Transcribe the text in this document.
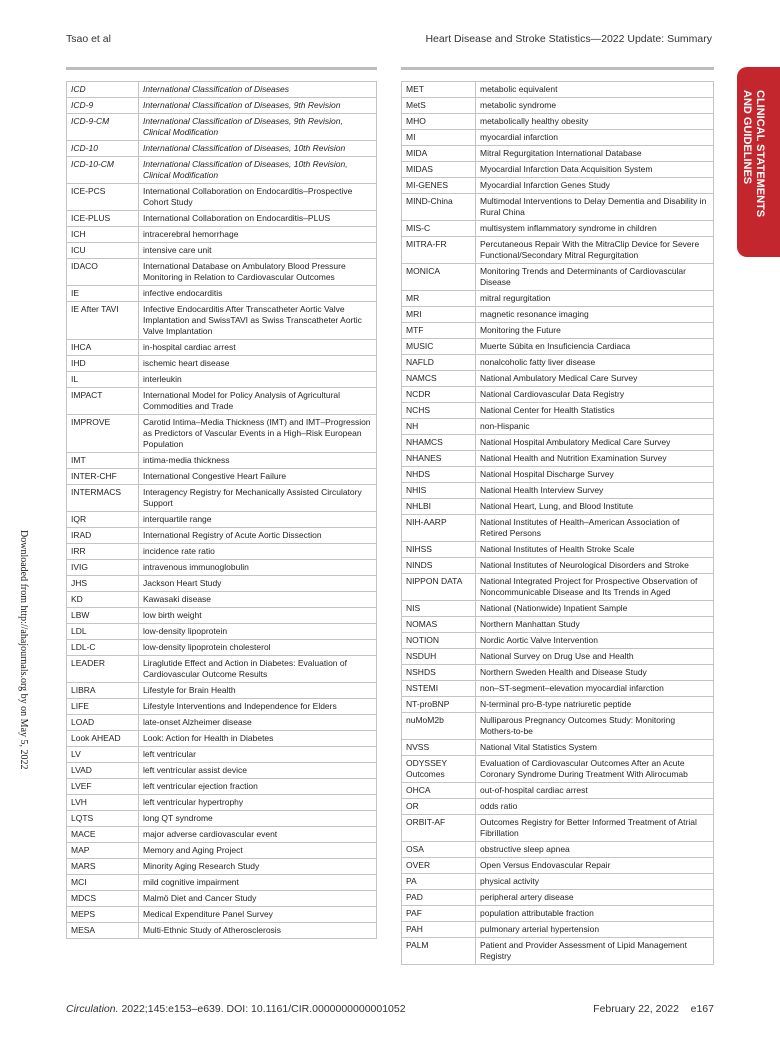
Tsao et al	Heart Disease and Stroke Statistics—2022 Update: Summary
Downloaded from http://ahajournals.org by on May 5, 2022
CLINICAL STATEMENTS
AND GUIDELINES
ICD	International Classification of Diseases
ICD-9	International Classification of Diseases, 9th Revision
ICD-9-CM	International Classification of Diseases, 9th Revision, Clinical Modification
ICD-10	International Classification of Diseases, 10th Revision
ICD-10-CM	International Classification of Diseases, 10th Revision, Clinical Modification
ICE-PCS	International Collaboration on Endocarditis–Prospective Cohort Study
ICE-PLUS	International Collaboration on Endocarditis–PLUS
ICH	intracerebral hemorrhage
ICU	intensive care unit
IDACO	International Database on Ambulatory Blood Pressure Monitoring in Relation to Cardiovascular Outcomes
IE	infective endocarditis
IE After TAVI	Infective Endocarditis After Transcatheter Aortic Valve Implantation and SwissTAVI as Swiss Transcatheter Aortic Valve Implantation
IHCA	in-hospital cardiac arrest
IHD	ischemic heart disease
IL	interleukin
IMPACT	International Model for Policy Analysis of Agricultural Commodities and Trade
IMPROVE	Carotid Intima–Media Thickness (IMT) and IMT–Progression as Predictors of Vascular Events in a High–Risk European Population
IMT	intima-media thickness
INTER-CHF	International Congestive Heart Failure
INTERMACS	Interagency Registry for Mechanically Assisted Circulatory Support
IQR	interquartile range
IRAD	International Registry of Acute Aortic Dissection
IRR	incidence rate ratio
IVIG	intravenous immunoglobulin
JHS	Jackson Heart Study
KD	Kawasaki disease
LBW	low birth weight
LDL	low-density lipoprotein
LDL-C	low-density lipoprotein cholesterol
LEADER	Liraglutide Effect and Action in Diabetes: Evaluation of Cardiovascular Outcome Results
LIBRA	Lifestyle for Brain Health
LIFE	Lifestyle Interventions and Independence for Elders
LOAD	late-onset Alzheimer disease
Look AHEAD	Look: Action for Health in Diabetes
LV	left ventricular
LVAD	left ventricular assist device
LVEF	left ventricular ejection fraction
LVH	left ventricular hypertrophy
LQTS	long QT syndrome
MACE	major adverse cardiovascular event
MAP	Memory and Aging Project
MARS	Minority Aging Research Study
MCI	mild cognitive impairment
MDCS	Malmö Diet and Cancer Study
MEPS	Medical Expenditure Panel Survey
MESA	Multi-Ethnic Study of Atherosclerosis
MET	metabolic equivalent
MetS	metabolic syndrome
MHO	metabolically healthy obesity
MI	myocardial infarction
MIDA	Mitral Regurgitation International Database
MIDAS	Myocardial Infarction Data Acquisition System
MI-GENES	Myocardial Infarction Genes Study
MIND-China	Multimodal Interventions to Delay Dementia and Disability in Rural China
MIS-C	multisystem inflammatory syndrome in children
MITRA-FR	Percutaneous Repair With the MitraClip Device for Severe Functional/Secondary Mitral Regurgitation
MONICA	Monitoring Trends and Determinants of Cardiovascular Disease
MR	mitral regurgitation
MRI	magnetic resonance imaging
MTF	Monitoring the Future
MUSIC	Muerte Súbita en Insuficiencia Cardiaca
NAFLD	nonalcoholic fatty liver disease
NAMCS	National Ambulatory Medical Care Survey
NCDR	National Cardiovascular Data Registry
NCHS	National Center for Health Statistics
NH	non-Hispanic
NHAMCS	National Hospital Ambulatory Medical Care Survey
NHANES	National Health and Nutrition Examination Survey
NHDS	National Hospital Discharge Survey
NHIS	National Health Interview Survey
NHLBI	National Heart, Lung, and Blood Institute
NIH-AARP	National Institutes of Health–American Association of Retired Persons
NIHSS	National Institutes of Health Stroke Scale
NINDS	National Institutes of Neurological Disorders and Stroke
NIPPON DATA	National Integrated Project for Prospective Observation of Noncommunicable Disease and Its Trends in Aged
NIS	National (Nationwide) Inpatient Sample
NOMAS	Northern Manhattan Study
NOTION	Nordic Aortic Valve Intervention
NSDUH	National Survey on Drug Use and Health
NSHDS	Northern Sweden Health and Disease Study
NSTEMI	non–ST-segment–elevation myocardial infarction
NT-proBNP	N-terminal pro-B-type natriuretic peptide
nuMoM2b	Nulliparous Pregnancy Outcomes Study: Monitoring Mothers-to-be
NVSS	National Vital Statistics System
ODYSSEY Outcomes	Evaluation of Cardiovascular Outcomes After an Acute Coronary Syndrome During Treatment With Alirocumab
OHCA	out-of-hospital cardiac arrest
OR	odds ratio
ORBIT-AF	Outcomes Registry for Better Informed Treatment of Atrial Fibrillation
OSA	obstructive sleep apnea
OVER	Open Versus Endovascular Repair
PA	physical activity
PAD	peripheral artery disease
PAF	population attributable fraction
PAH	pulmonary arterial hypertension
PALM	Patient and Provider Assessment of Lipid Management Registry
Circulation. 2022;145:e153–e639. DOI: 10.1161/CIR.0000000000001052	February 22, 2022    e167
